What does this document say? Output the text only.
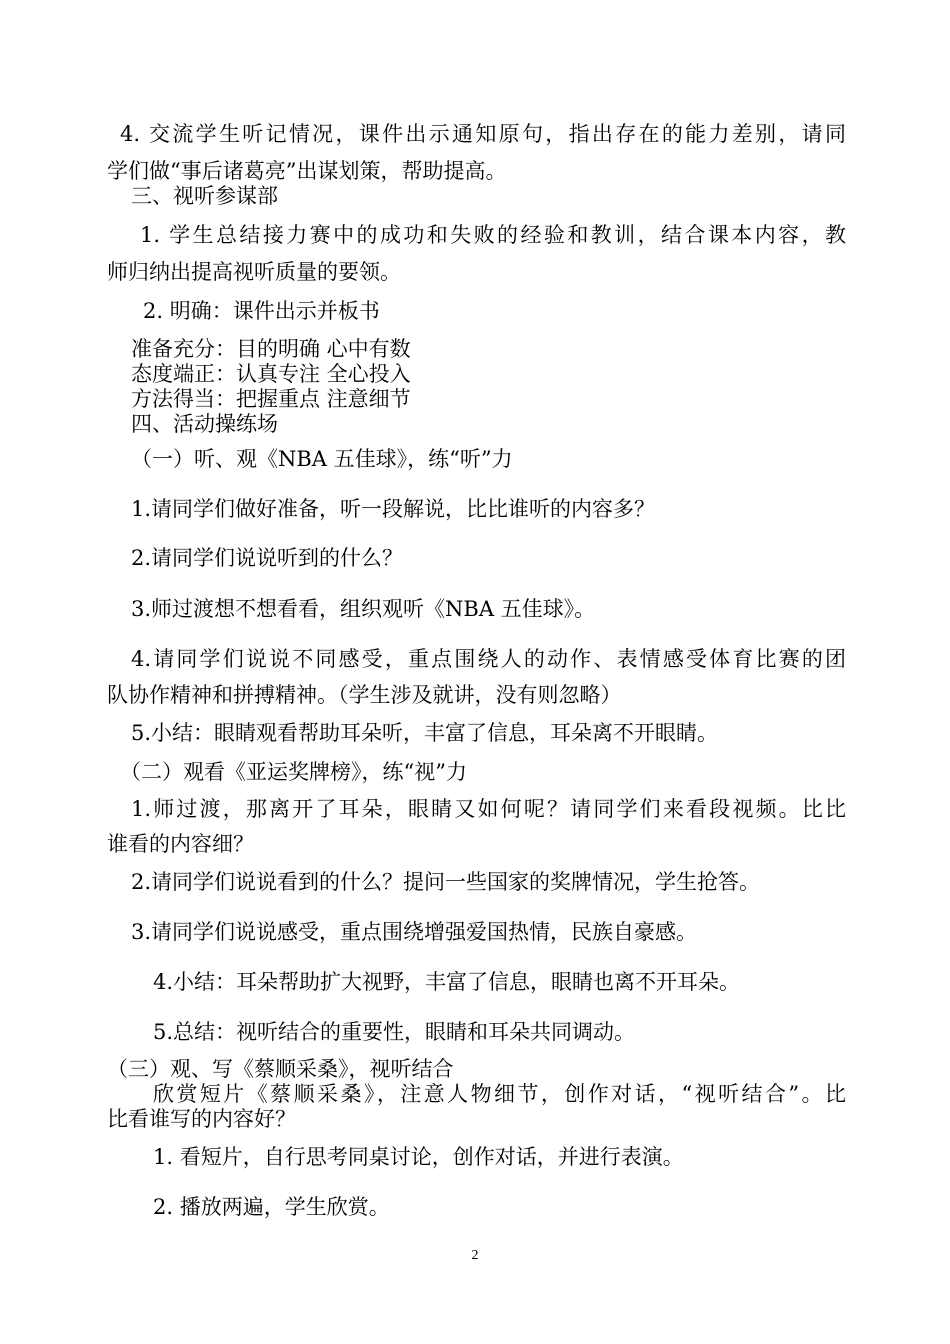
4. 交流学生听记情况，课件出示通知原句，指出存在的能力差别，请同
学们做“事后诸葛亮”出谋划策，帮助提高。
三、视听参谋部
1. 学生总结接力赛中的成功和失败的经验和教训，结合课本内容，教
师归纳出提高视听质量的要领。
2. 明确：课件出示并板书
准备充分：目的明确 心中有数
态度端正：认真专注 全心投入
方法得当：把握重点 注意细节
四、活动操练场
（一）听、观《NBA 五佳球》，练“听”力
1.请同学们做好准备，听一段解说，比比谁听的内容多？
2.请同学们说说听到的什么？
3.师过渡想不想看看，组织观听《NBA 五佳球》。
4.请同学们说说不同感受，重点围绕人的动作、表情感受体育比赛的团
队协作精神和拼搏精神。（学生涉及就讲，没有则忽略）
5.小结：眼睛观看帮助耳朵听，丰富了信息，耳朵离不开眼睛。
（二）观看《亚运奖牌榜》，练“视”力
1.师过渡，那离开了耳朵，眼睛又如何呢？请同学们来看段视频。比比
谁看的内容细？
2.请同学们说说看到的什么？提问一些国家的奖牌情况，学生抢答。
3.请同学们说说感受，重点围绕增强爱国热情，民族自豪感。
4.小结：耳朵帮助扩大视野，丰富了信息，眼睛也离不开耳朵。
5.总结：视听结合的重要性，眼睛和耳朵共同调动。
（三）观、写《蔡顺采桑》，视听结合
欣赏短片《蔡顺采桑》，注意人物细节，创作对话，“视听结合”。比
比看谁写的内容好？
1. 看短片，自行思考同桌讨论，创作对话，并进行表演。
2. 播放两遍，学生欣赏。
2
